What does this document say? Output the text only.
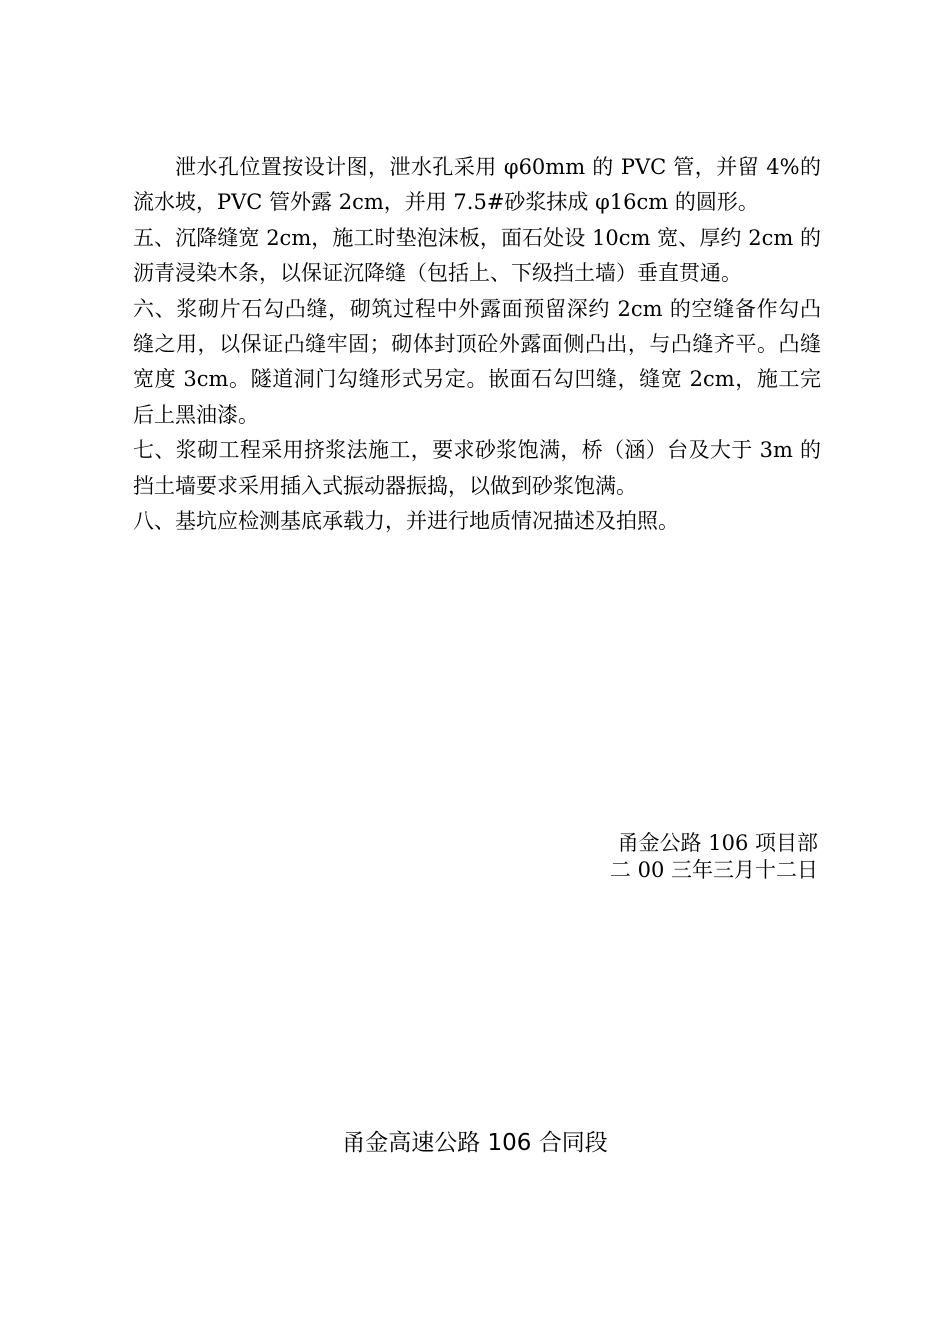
泄水孔位置按设计图，泄水孔采用 φ60mm 的 PVC 管，并留 4%的流水坡，PVC 管外露 2cm，并用 7.5#砂浆抹成 φ16cm 的圆形。

五、沉降缝宽 2cm，施工时垫泡沫板，面石处设 10cm 宽、厚约 2cm 的沥青浸染木条，以保证沉降缝（包括上、下级挡土墙）垂直贯通。

六、浆砌片石勾凸缝，砌筑过程中外露面预留深约 2cm 的空缝备作勾凸缝之用，以保证凸缝牢固；砌体封顶砼外露面侧凸出，与凸缝齐平。凸缝宽度 3cm。隧道洞门勾缝形式另定。嵌面石勾凹缝，缝宽 2cm，施工完后上黑油漆。

七、浆砌工程采用挤浆法施工，要求砂浆饱满，桥（涵）台及大于 3m 的挡土墙要求采用插入式振动器振捣，以做到砂浆饱满。

八、基坑应检测基底承载力，并进行地质情况描述及拍照。

甬金公路 106 项目部
二 00 三年三月十二日
甬金高速公路 106 合同段
